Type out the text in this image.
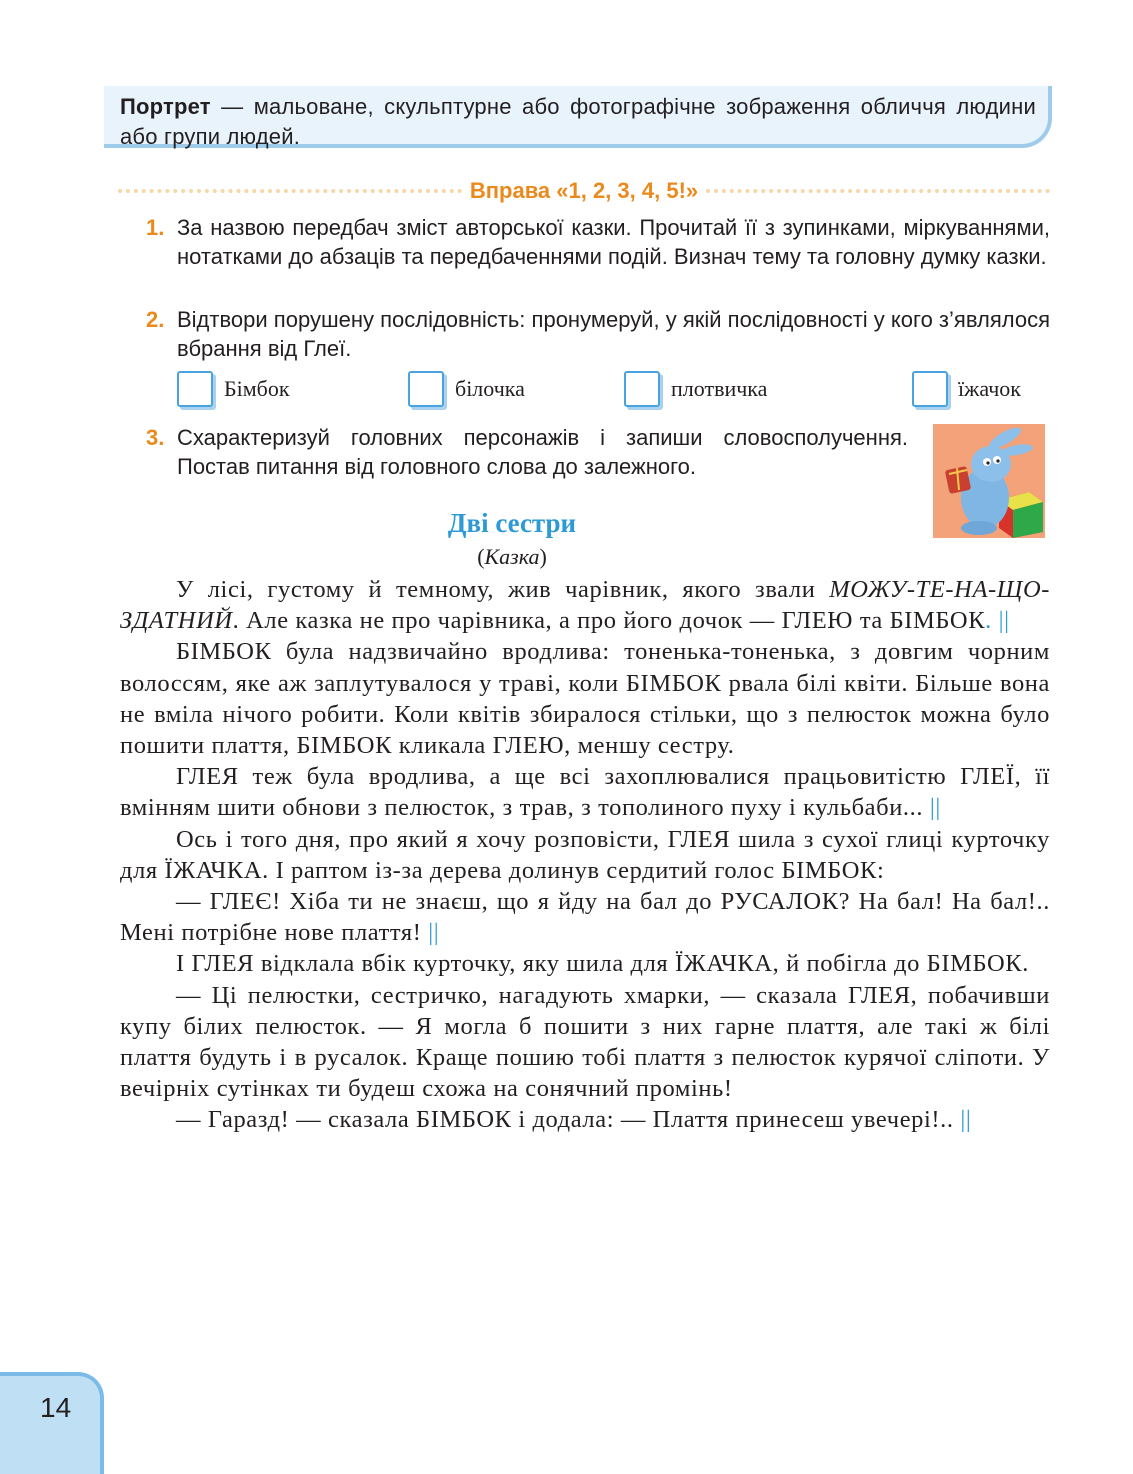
Портрет — мальоване, скульптурне або фотографічне зображення обличчя людини або групи людей.
Вправа «1, 2, 3, 4, 5!»
1. За назвою передбач зміст авторської казки. Прочитай її з зупинками, міркуваннями, нотатками до абзаців та передбаченнями подій. Визнач тему та головну думку казки.
2. Відтвори порушену послідовність: пронумеруй, у якій послідовності у кого з’являлося вбрання від Глеї.
Бімбок	білочка	плотвичка	їжачок
3. Схарактеризуй головних персонажів і запиши словосполучення. Постав питання від головного слова до залежного.
Дві сестри
(Казка)

У лісі, густому й темному, жив чарівник, якого звали МОЖУ-ТЕ-НА-ЩО-ЗДАТНИЙ. Але казка не про чарівника, а про його дочок — ГЛЕЮ та БІМБОК. ||

БІМБОК була надзвичайно вродлива: тоненька-тоненька, з довгим чорним волоссям, яке аж заплутувалося у траві, коли БІМБОК рвала білі квіти. Більше вона не вміла нічого робити. Коли квітів збиралося стільки, що з пелюсток можна було пошити плаття, БІМБОК кликала ГЛЕЮ, меншу сестру.

ГЛЕЯ теж була вродлива, а ще всі захоплювалися працьовитістю ГЛЕЇ, її вмінням шити обнови з пелюсток, з трав, з тополиного пуху і кульбаби... ||

Ось і того дня, про який я хочу розповісти, ГЛЕЯ шила з сухої глиці курточку для ЇЖАЧКА. І раптом із-за дерева долинув сердитий голос БІМБОК:

— ГЛЕЄ! Хіба ти не знаєш, що я йду на бал до РУСАЛОК? На бал! На бал!.. Мені потрібне нове плаття! ||

І ГЛЕЯ відклала вбік курточку, яку шила для ЇЖАЧКА, й побігла до БІМБОК.

— Ці пелюстки, сестричко, нагадують хмарки, — сказала ГЛЕЯ, побачивши купу білих пелюсток. — Я могла б пошити з них гарне плаття, але такі ж білі плаття будуть і в русалок. Краще пошию тобі плаття з пелюсток курячої сліпоти. У вечірніх сутінках ти будеш схожа на сонячний промінь!

— Гаразд! — сказала БІМБОК і додала: — Плаття принесеш увечері!.. ||

14
